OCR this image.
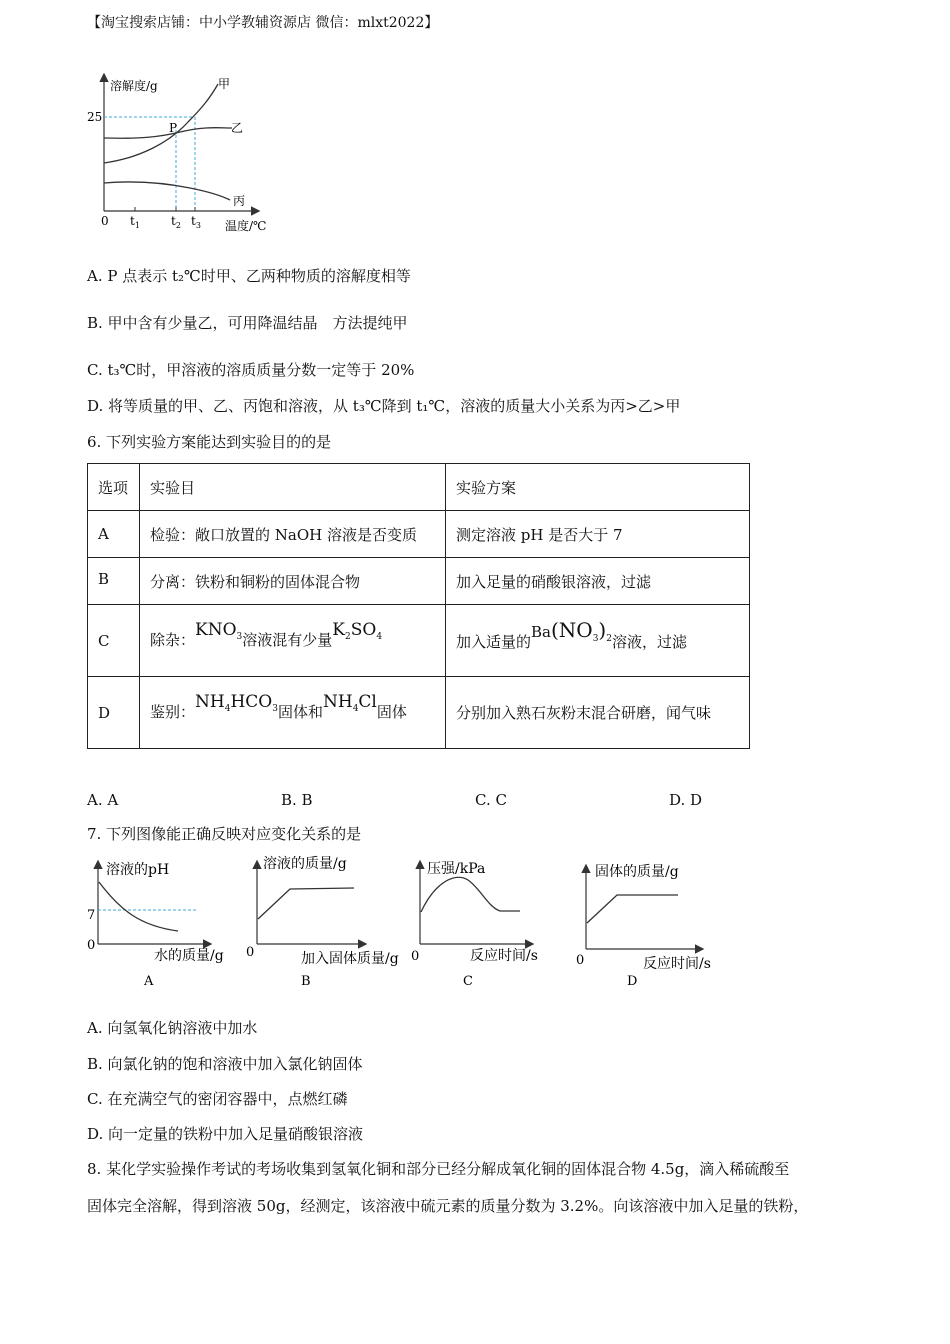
【淘宝搜索店铺：中小学教辅资源店 微信：mlxt2022】
溶解度/g
温度/℃
25
0 $t_1$	$t_2$ $t_3$
P
甲
乙
丙
A. P 点表示 t₂℃时甲、乙两种物质的溶解度相等
B. 甲中含有少量乙，可用降温结晶　方法提纯甲
C. t₃℃时，甲溶液的溶质质量分数一定等于 20%
D. 将等质量的甲、乙、丙饱和溶液，从 t₃℃降到 t₁℃，溶液的质量大小关系为丙>乙>甲
6. 下列实验方案能达到实验目的的是
选项	实验目	实验方案
A	检验：敞口放置的 NaOH 溶液是否变质	测定溶液 pH 是否大于 7
B	分离：铁粉和铜粉的固体混合物	加入足量的硝酸银溶液，过滤
C	除杂：$KNO_3$溶液混有少量$K_2SO_4$	加入适量的$Ba(NO_3)_2$溶液，过滤
D	鉴别：$NH_4HCO_3$固体和$NH_4Cl$固体	分别加入熟石灰粉末混合研磨，闻气味
A. A	B. B	C. C	D. D
7. 下列图像能正确反映对应变化关系的是
溶液的pH
水的质量/g
7
0
A
溶液的质量/g
加入固体质量/g
0
B
压强/kPa
反应时间/s
0
C
固体的质量/g
反应时间/s
0
D
A. 向氢氧化钠溶液中加水
B. 向氯化钠的饱和溶液中加入氯化钠固体
C. 在充满空气的密闭容器中，点燃红磷
D. 向一定量的铁粉中加入足量硝酸银溶液
8. 某化学实验操作考试的考场收集到氢氧化铜和部分已经分解成氧化铜的固体混合物 4.5g，滴入稀硫酸至
固体完全溶解，得到溶液 50g，经测定，该溶液中硫元素的质量分数为 3.2%。向该溶液中加入足量的铁粉，
